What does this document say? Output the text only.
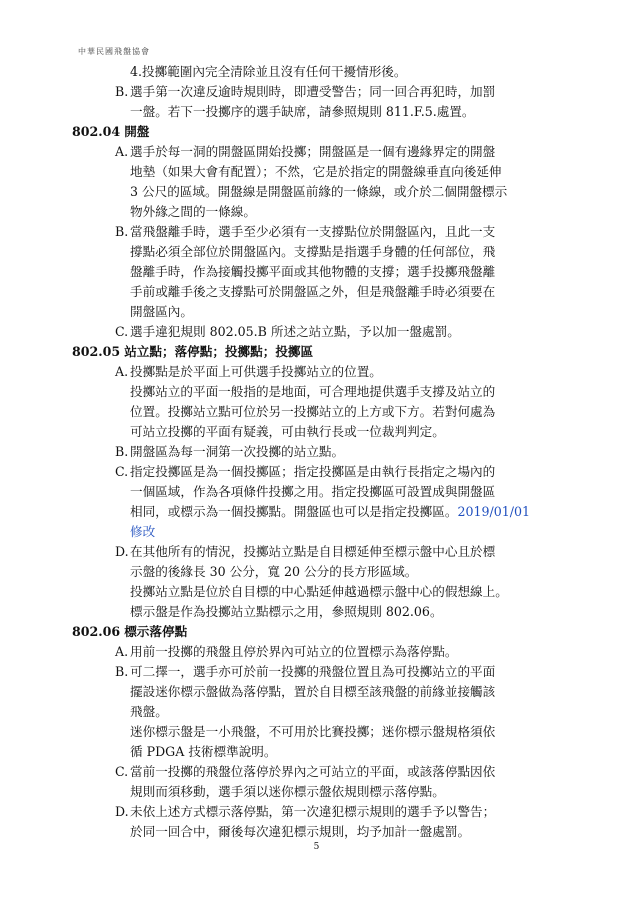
中華民國飛盤協會
4.投擲範圍內完全清除並且沒有任何干擾情形後。
B. 選手第一次違反逾時規則時，即遭受警告；同一回合再犯時，加罰
一盤。若下一投擲序的選手缺席，請參照規則 811.F.5.處置。
802.04 開盤
A. 選手於每一洞的開盤區開始投擲；開盤區是一個有邊緣界定的開盤
地墊（如果大會有配置）；不然，它是於指定的開盤線垂直向後延伸
3 公尺的區域。開盤線是開盤區前緣的一條線，或介於二個開盤標示
物外緣之間的一條線。
B. 當飛盤離手時，選手至少必須有一支撐點位於開盤區內，且此一支
撐點必須全部位於開盤區內。支撐點是指選手身體的任何部位，飛
盤離手時，作為接觸投擲平面或其他物體的支撐；選手投擲飛盤離
手前或離手後之支撐點可於開盤區之外，但是飛盤離手時必須要在
開盤區內。
C. 選手違犯規則 802.05.B 所述之站立點，予以加一盤處罰。
802.05 站立點；落停點；投擲點；投擲區
A. 投擲點是於平面上可供選手投擲站立的位置。
投擲站立的平面一般指的是地面，可合理地提供選手支撐及站立的
位置。投擲站立點可位於另一投擲站立的上方或下方。若對何處為
可站立投擲的平面有疑義，可由執行長或一位裁判判定。
B. 開盤區為每一洞第一次投擲的站立點。
C. 指定投擲區是為一個投擲區；指定投擲區是由執行長指定之場內的
一個區域，作為各項條件投擲之用。指定投擲區可設置成與開盤區
相同，或標示為一個投擲點。開盤區也可以是指定投擲區。2019/01/01
修改
D.在其他所有的情況，投擲站立點是自目標延伸至標示盤中心且於標
示盤的後緣長 30 公分，寬 20 公分的長方形區域。
投擲站立點是位於自目標的中心點延伸越過標示盤中心的假想線上。
標示盤是作為投擲站立點標示之用，參照規則 802.06。
802.06 標示落停點
A. 用前一投擲的飛盤且停於界內可站立的位置標示為落停點。
B. 可二擇一，選手亦可於前一投擲的飛盤位置且為可投擲站立的平面
擺設迷你標示盤做為落停點，置於自目標至該飛盤的前緣並接觸該
飛盤。
迷你標示盤是一小飛盤，不可用於比賽投擲；迷你標示盤規格須依
循 PDGA 技術標準說明。
C. 當前一投擲的飛盤位落停於界內之可站立的平面，或該落停點因依
規則而須移動，選手須以迷你標示盤依規則標示落停點。
D.未依上述方式標示落停點，第一次違犯標示規則的選手予以警告；
於同一回合中，爾後每次違犯標示規則，均予加計一盤處罰。
5
